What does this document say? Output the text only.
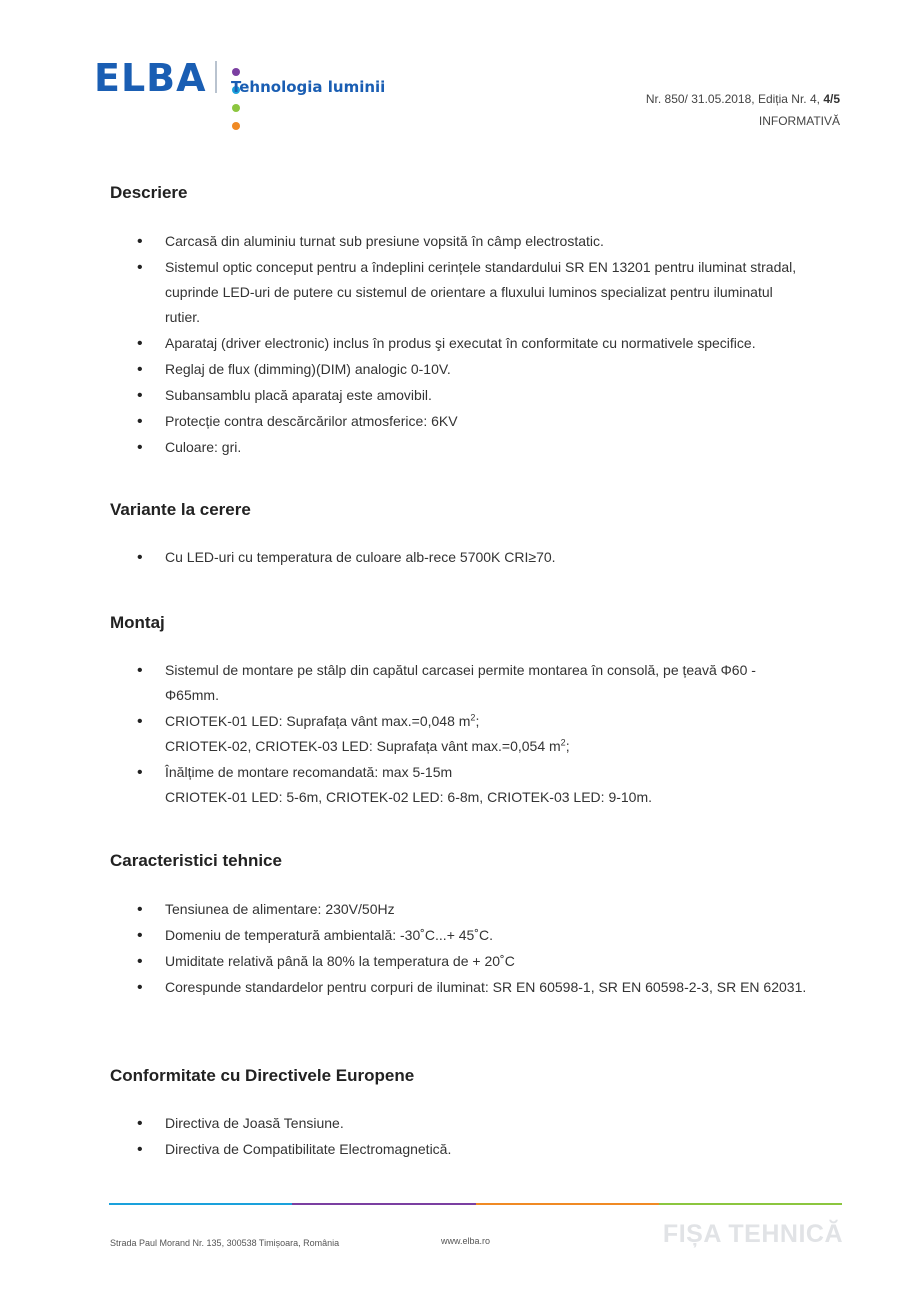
ELBA Tehnologia luminii
Nr. 850/ 31.05.2018, Ediția Nr. 4, 4/5
INFORMATIVĂ
Descriere
• Carcasă din aluminiu turnat sub presiune vopsită în câmp electrostatic.
• Sistemul optic conceput pentru a îndeplini cerințele standardului SR EN 13201 pentru iluminat stradal, cuprinde LED-uri de putere cu sistemul de orientare a fluxului luminos specializat pentru iluminatul rutier.
• Aparataj (driver electronic) inclus în produs şi executat în conformitate cu normativele specifice.
• Reglaj de flux (dimming)(DIM) analogic 0-10V.
• Subansamblu placă aparataj este amovibil.
• Protecție contra descărcărilor atmosferice: 6KV
• Culoare: gri.
Variante la cerere
• Cu LED-uri cu temperatura de culoare alb-rece 5700K CRI≥70.
Montaj
• Sistemul de montare pe stâlp din capătul carcasei permite montarea în consolă, pe țeavă Φ60 - Φ65mm.
• CRIOTEK-01 LED: Suprafața vânt max.=0,048 $m^2$;
CRIOTEK-02, CRIOTEK-03 LED: Suprafața vânt max.=0,054 $m^2$;
• Înălțime de montare recomandată: max 5-15m
CRIOTEK-01 LED: 5-6m, CRIOTEK-02 LED: 6-8m, CRIOTEK-03 LED: 9-10m.
Caracteristici tehnice
• Tensiunea de alimentare: 230V/50Hz
• Domeniu de temperatură ambientală: -30˚C...+ 45˚C.
• Umiditate relativă până la 80% la temperatura de + 20˚C
• Corespunde standardelor pentru corpuri de iluminat: SR EN 60598-1, SR EN 60598-2-3, SR EN 62031.
Conformitate cu Directivele Europene
• Directiva de Joasă Tensiune.
• Directiva de Compatibilitate Electromagnetică.
Strada Paul Morand Nr. 135, 300538 Timișoara, România	www.elba.ro	FIȘA TEHNICĂ
